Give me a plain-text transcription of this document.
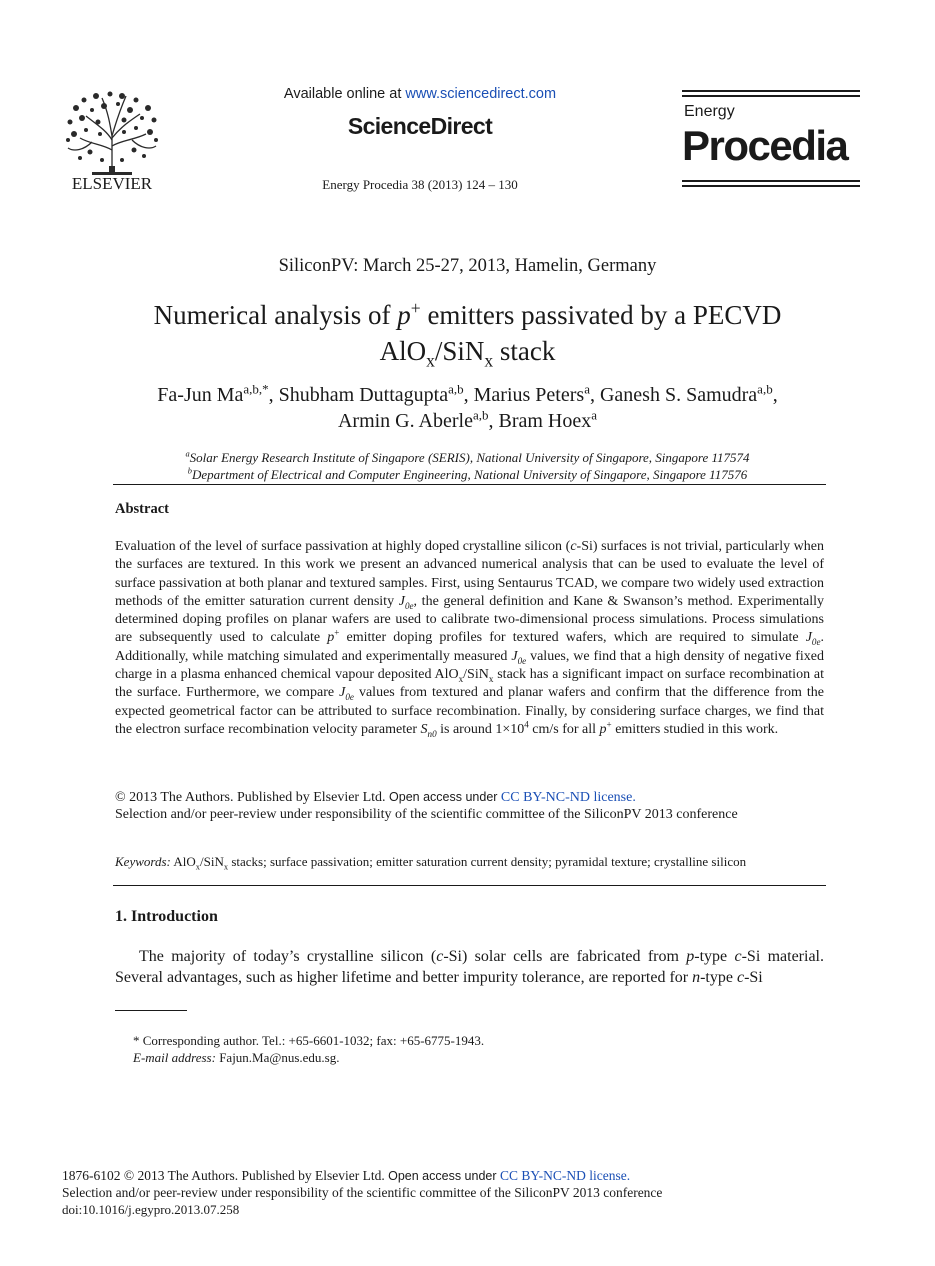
ELSEVIER
Available online at www.sciencedirect.com
ScienceDirect
Energy Procedia 38 (2013) 124 – 130
Energy
Procedia
SiliconPV: March 25-27, 2013, Hamelin, Germany
Numerical analysis of p+ emitters passivated by a PECVD
AlO$_x$/SiN$_x$ stack
Fa-Jun $Ma^{a,b,*}$, Shubham Duttagupta$^{a,b}$, Marius Peters$^a$, Ganesh S. Samudra$^{a,b}$,
Armin G. Aberle$^{a,b}$, Bram Hoex$^a$
$^a$Solar Energy Research Institute of Singapore (SERIS), National University of Singapore, Singapore 117574
$^b$Department of Electrical and Computer Engineering, National University of Singapore, Singapore 117576
Abstract
Evaluation of the level of surface passivation at highly doped crystalline silicon (c-Si) surfaces is not trivial, particularly when the surfaces are textured. In this work we present an advanced numerical analysis that can be used to evaluate the level of surface passivation at both planar and textured samples. First, using Sentaurus TCAD, we compare two widely used extraction methods of the emitter saturation current density $J_{0e}$, the general definition and Kane & Swanson’s method. Experimentally determined doping profiles on planar wafers are used to calibrate two-dimensional process simulations. Process simulations are subsequently used to calculate p+ emitter doping profiles for textured wafers, which are required to simulate $J_{0e}$. Additionally, while matching simulated and experimentally measured $J_{0e}$ values, we find that a high density of negative fixed charge in a plasma enhanced chemical vapour deposited AlO$_x$/SiN$_x$ stack has a significant impact on surface recombination at the surface. Furthermore, we compare $J_{0e}$ values from textured and planar wafers and confirm that the difference from the expected geometrical factor can be attributed to surface recombination. Finally, by considering surface charges, we find that the electron surface recombination velocity parameter $S_{n0}$ is around $1\times 10^4$ cm/s for all p+ emitters studied in this work.
© 2013 The Authors. Published by Elsevier Ltd. Open access under CC BY-NC-ND license.
Selection and/or peer-review under responsibility of the scientific committee of the SiliconPV 2013 conference
Keywords: AlO$_x$/SiN$_x$ stacks; surface passivation; emitter saturation current density; pyramidal texture; crystalline silicon
1. Introduction
The majority of today’s crystalline silicon (c-Si) solar cells are fabricated from p-type c-Si material. Several advantages, such as higher lifetime and better impurity tolerance, are reported for n-type c-Si
* Corresponding author. Tel.: +65-6601-1032; fax: +65-6775-1943.
E-mail address: Fajun.Ma@nus.edu.sg.
1876-6102 © 2013 The Authors. Published by Elsevier Ltd. Open access under CC BY-NC-ND license.
Selection and/or peer-review under responsibility of the scientific committee of the SiliconPV 2013 conference
doi:10.1016/j.egypro.2013.07.258
